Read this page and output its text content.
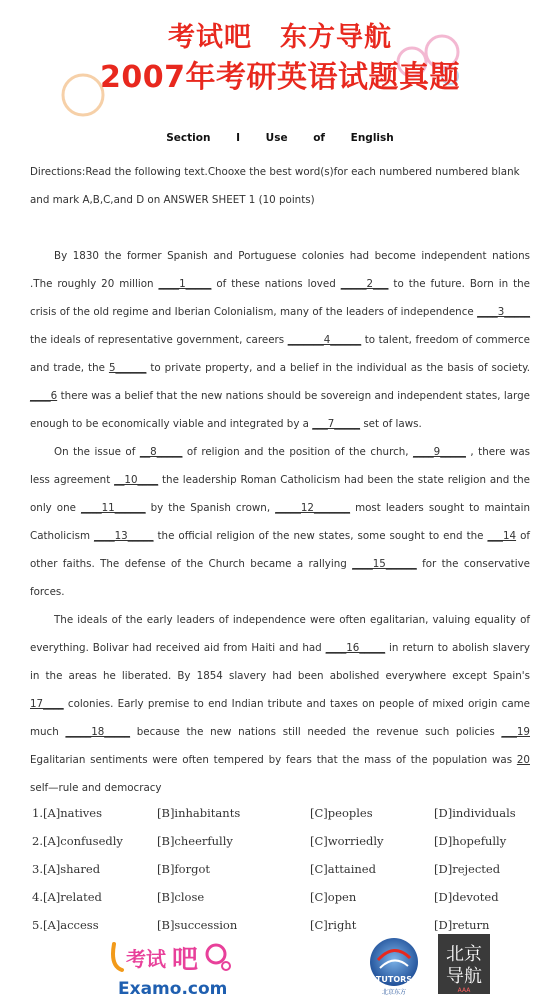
考试吧　东方导航
2007年考研英语试题真题
Section I Use of English
Directions:Read the following text.Chooxe the best word(s)for each numbered numbered blank and mark A,B,C,and D on ANSWER SHEET 1 (10 points)

By 1830 the former Spanish and Portuguese colonies had become independent nations .The roughly 20 million ____1_____ of these nations loved _____2___ to the future. Born in the crisis of the old regime and Iberian Colonialism, many of the leaders of independence ____3_____ the ideals of representative government, careers _______4______ to talent, freedom of commerce and trade, the 5______ to private property, and a belief in the individual as the basis of society. ____6 there was a belief that the new nations should be sovereign and independent states, large enough to be economically viable and integrated by a ___7_____ set of laws.

On the issue of __8_____ of religion and the position of the church, ____9_____ , there was less agreement __10____ the leadership Roman Catholicism had been the state religion and the only one ____11______ by the Spanish crown, _____12_______ most leaders sought to maintain Catholicism ____13_____ the official religion of the new states, some sought to end the ___14 of other faiths. The defense of the Church became a rallying ____15______ for the conservative forces.

The ideals of the early leaders of independence were often egalitarian, valuing equality of everything. Bolivar had received aid from Haiti and had ____16_____ in return to abolish slavery in the areas he liberated. By 1854 slavery had been abolished everywhere except Spain's 17____ colonies. Early premise to end Indian tribute and taxes on people of mixed origin came much _____18_____ because the new nations still needed the revenue such policies ___19 Egalitarian sentiments were often tempered by fears that the mass of the population was 20 self—rule and democracy

1.[A]natives	[B]inhabitants	[C]peoples	[D]individuals
2.[A]confusedly	[B]cheerfully	[C]worriedly	[D]hopefully
3.[A]shared	[B]forgot	[C]attained	[D]rejected
4.[A]related	[B]close	[C]open	[D]devoted
5.[A]access	[B]succession	[C]right	[D]return
考试 吧
Examo.com	TUTORS
北京东方
北京
导航
AAA
